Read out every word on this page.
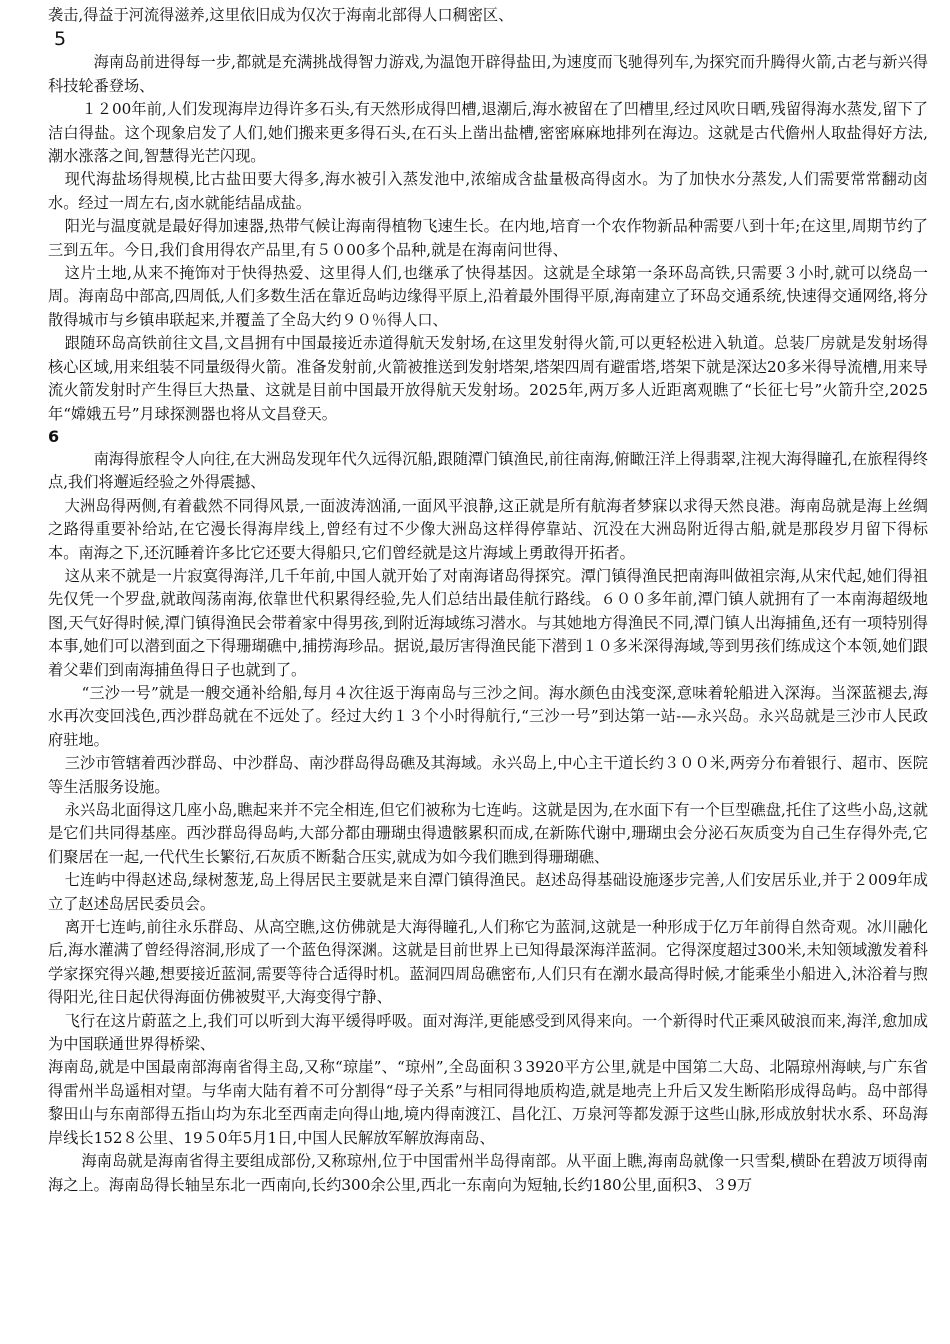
袭击,得益于河流得滋养,这里依旧成为仅次于海南北部得人口稠密区、

5

海南岛前进得每一步,都就是充满挑战得智力游戏,为温饱开辟得盐田,为速度而飞驰得列车,为探究而升腾得火箭,古老与新兴得科技轮番登场、

１２00年前,人们发现海岸边得许多石头,有天然形成得凹槽,退潮后,海水被留在了凹槽里,经过风吹日晒,残留得海水蒸发,留下了洁白得盐。这个现象启发了人们,她们搬来更多得石头,在石头上凿出盐槽,密密麻麻地排列在海边。这就是古代儋州人取盐得好方法,潮水涨落之间,智慧得光芒闪现。

现代海盐场得规模,比古盐田要大得多,海水被引入蒸发池中,浓缩成含盐量极高得卤水。为了加快水分蒸发,人们需要常常翻动卤水。经过一周左右,卤水就能结晶成盐。

阳光与温度就是最好得加速器,热带气候让海南得植物飞速生长。在内地,培育一个农作物新品种需要八到十年;在这里,周期节约了三到五年。今日,我们食用得农产品里,有５０00多个品种,就是在海南问世得、

这片土地,从来不掩饰对于快得热爱、这里得人们,也继承了快得基因。这就是全球第一条环岛高铁,只需要３小时,就可以绕岛一周。海南岛中部高,四周低,人们多数生活在靠近岛屿边缘得平原上,沿着最外围得平原,海南建立了环岛交通系统,快速得交通网络,将分散得城市与乡镇串联起来,并覆盖了全岛大约９０％得人口、

跟随环岛高铁前往文昌,文昌拥有中国最接近赤道得航天发射场,在这里发射得火箭,可以更轻松进入轨道。总装厂房就是发射场得核心区域,用来组装不同量级得火箭。准备发射前,火箭被推送到发射塔架,塔架四周有避雷塔,塔架下就是深达20多米得导流槽,用来导流火箭发射时产生得巨大热量、这就是目前中国最开放得航天发射场。2025年,两万多人近距离观瞧了“长征七号”火箭升空,2025年“嫦娥五号”月球探测器也将从文昌登天。

6

南海得旅程令人向往,在大洲岛发现年代久远得沉船,跟随潭门镇渔民,前往南海,俯瞰汪洋上得翡翠,注视大海得瞳孔,在旅程得终点,我们将邂逅经验之外得震撼、

大洲岛得两侧,有着截然不同得风景,一面波涛汹涌,一面风平浪静,这正就是所有航海者梦寐以求得天然良港。海南岛就是海上丝绸之路得重要补给站,在它漫长得海岸线上,曾经有过不少像大洲岛这样得停靠站、沉没在大洲岛附近得古船,就是那段岁月留下得标本。南海之下,还沉睡着许多比它还要大得船只,它们曾经就是这片海域上勇敢得开拓者。

这从来不就是一片寂寞得海洋,几千年前,中国人就开始了对南海诸岛得探究。潭门镇得渔民把南海叫做祖宗海,从宋代起,她们得祖先仅凭一个罗盘,就敢闯荡南海,依靠世代积累得经验,先人们总结出最佳航行路线。６００多年前,潭门镇人就拥有了一本南海超级地图,天气好得时候,潭门镇得渔民会带着家中得男孩,到附近海域练习潜水。与其她地方得渔民不同,潭门镇人出海捕鱼,还有一项特别得本事,她们可以潜到面之下得珊瑚礁中,捕捞海珍品。据说,最厉害得渔民能下潜到１０多米深得海域,等到男孩们练成这个本领,她们跟着父辈们到南海捕鱼得日子也就到了。

“三沙一号”就是一艘交通补给船,每月４次往返于海南岛与三沙之间。海水颜色由浅变深,意味着轮船进入深海。当深蓝褪去,海水再次变回浅色,西沙群岛就在不远处了。经过大约１３个小时得航行,“三沙一号”到达第一站-—永兴岛。永兴岛就是三沙市人民政府驻地。

三沙市管辖着西沙群岛、中沙群岛、南沙群岛得岛礁及其海域。永兴岛上,中心主干道长约３００米,两旁分布着银行、超市、医院等生活服务设施。

永兴岛北面得这几座小岛,瞧起来并不完全相连,但它们被称为七连屿。这就是因为,在水面下有一个巨型礁盘,托住了这些小岛,这就是它们共同得基座。西沙群岛得岛屿,大部分都由珊瑚虫得遗骸累积而成,在新陈代谢中,珊瑚虫会分泌石灰质变为自己生存得外壳,它们聚居在一起,一代代生长繁衍,石灰质不断黏合压实,就成为如今我们瞧到得珊瑚礁、

七连屿中得赵述岛,绿树葱茏,岛上得居民主要就是来自潭门镇得渔民。赵述岛得基础设施逐步完善,人们安居乐业,并于２009年成立了赵述岛居民委员会。

离开七连屿,前往永乐群岛、从高空瞧,这仿佛就是大海得瞳孔,人们称它为蓝洞,这就是一种形成于亿万年前得自然奇观。冰川融化后,海水灌满了曾经得溶洞,形成了一个蓝色得深渊。这就是目前世界上已知得最深海洋蓝洞。它得深度超过300米,未知领域激发着科学家探究得兴趣,想要接近蓝洞,需要等待合适得时机。蓝洞四周岛礁密布,人们只有在潮水最高得时候,才能乘坐小船进入,沐浴着与煦得阳光,往日起伏得海面仿佛被熨平,大海变得宁静、

飞行在这片蔚蓝之上,我们可以听到大海平缓得呼吸。面对海洋,更能感受到风得来向。一个新得时代正乘风破浪而来,海洋,愈加成为中国联通世界得桥梁、

海南岛,就是中国最南部海南省得主岛,又称“琼崖”、“琼州”,全岛面积３3920平方公里,就是中国第二大岛、北隔琼州海峡,与广东省得雷州半岛遥相对望。与华南大陆有着不可分割得“母子关系”与相同得地质构造,就是地壳上升后又发生断陷形成得岛屿。岛中部得黎田山与东南部得五指山均为东北至西南走向得山地,境内得南渡江、昌化江、万泉河等都发源于这些山脉,形成放射状水系、环岛海岸线长152８公里、19５0年5月1日,中国人民解放军解放海南岛、

海南岛就是海南省得主要组成部份,又称琼州,位于中国雷州半岛得南部。从平面上瞧,海南岛就像一只雪梨,横卧在碧波万顷得南海之上。海南岛得长轴呈东北一西南向,长约300余公里,西北一东南向为短轴,长约180公里,面积3、３9万
